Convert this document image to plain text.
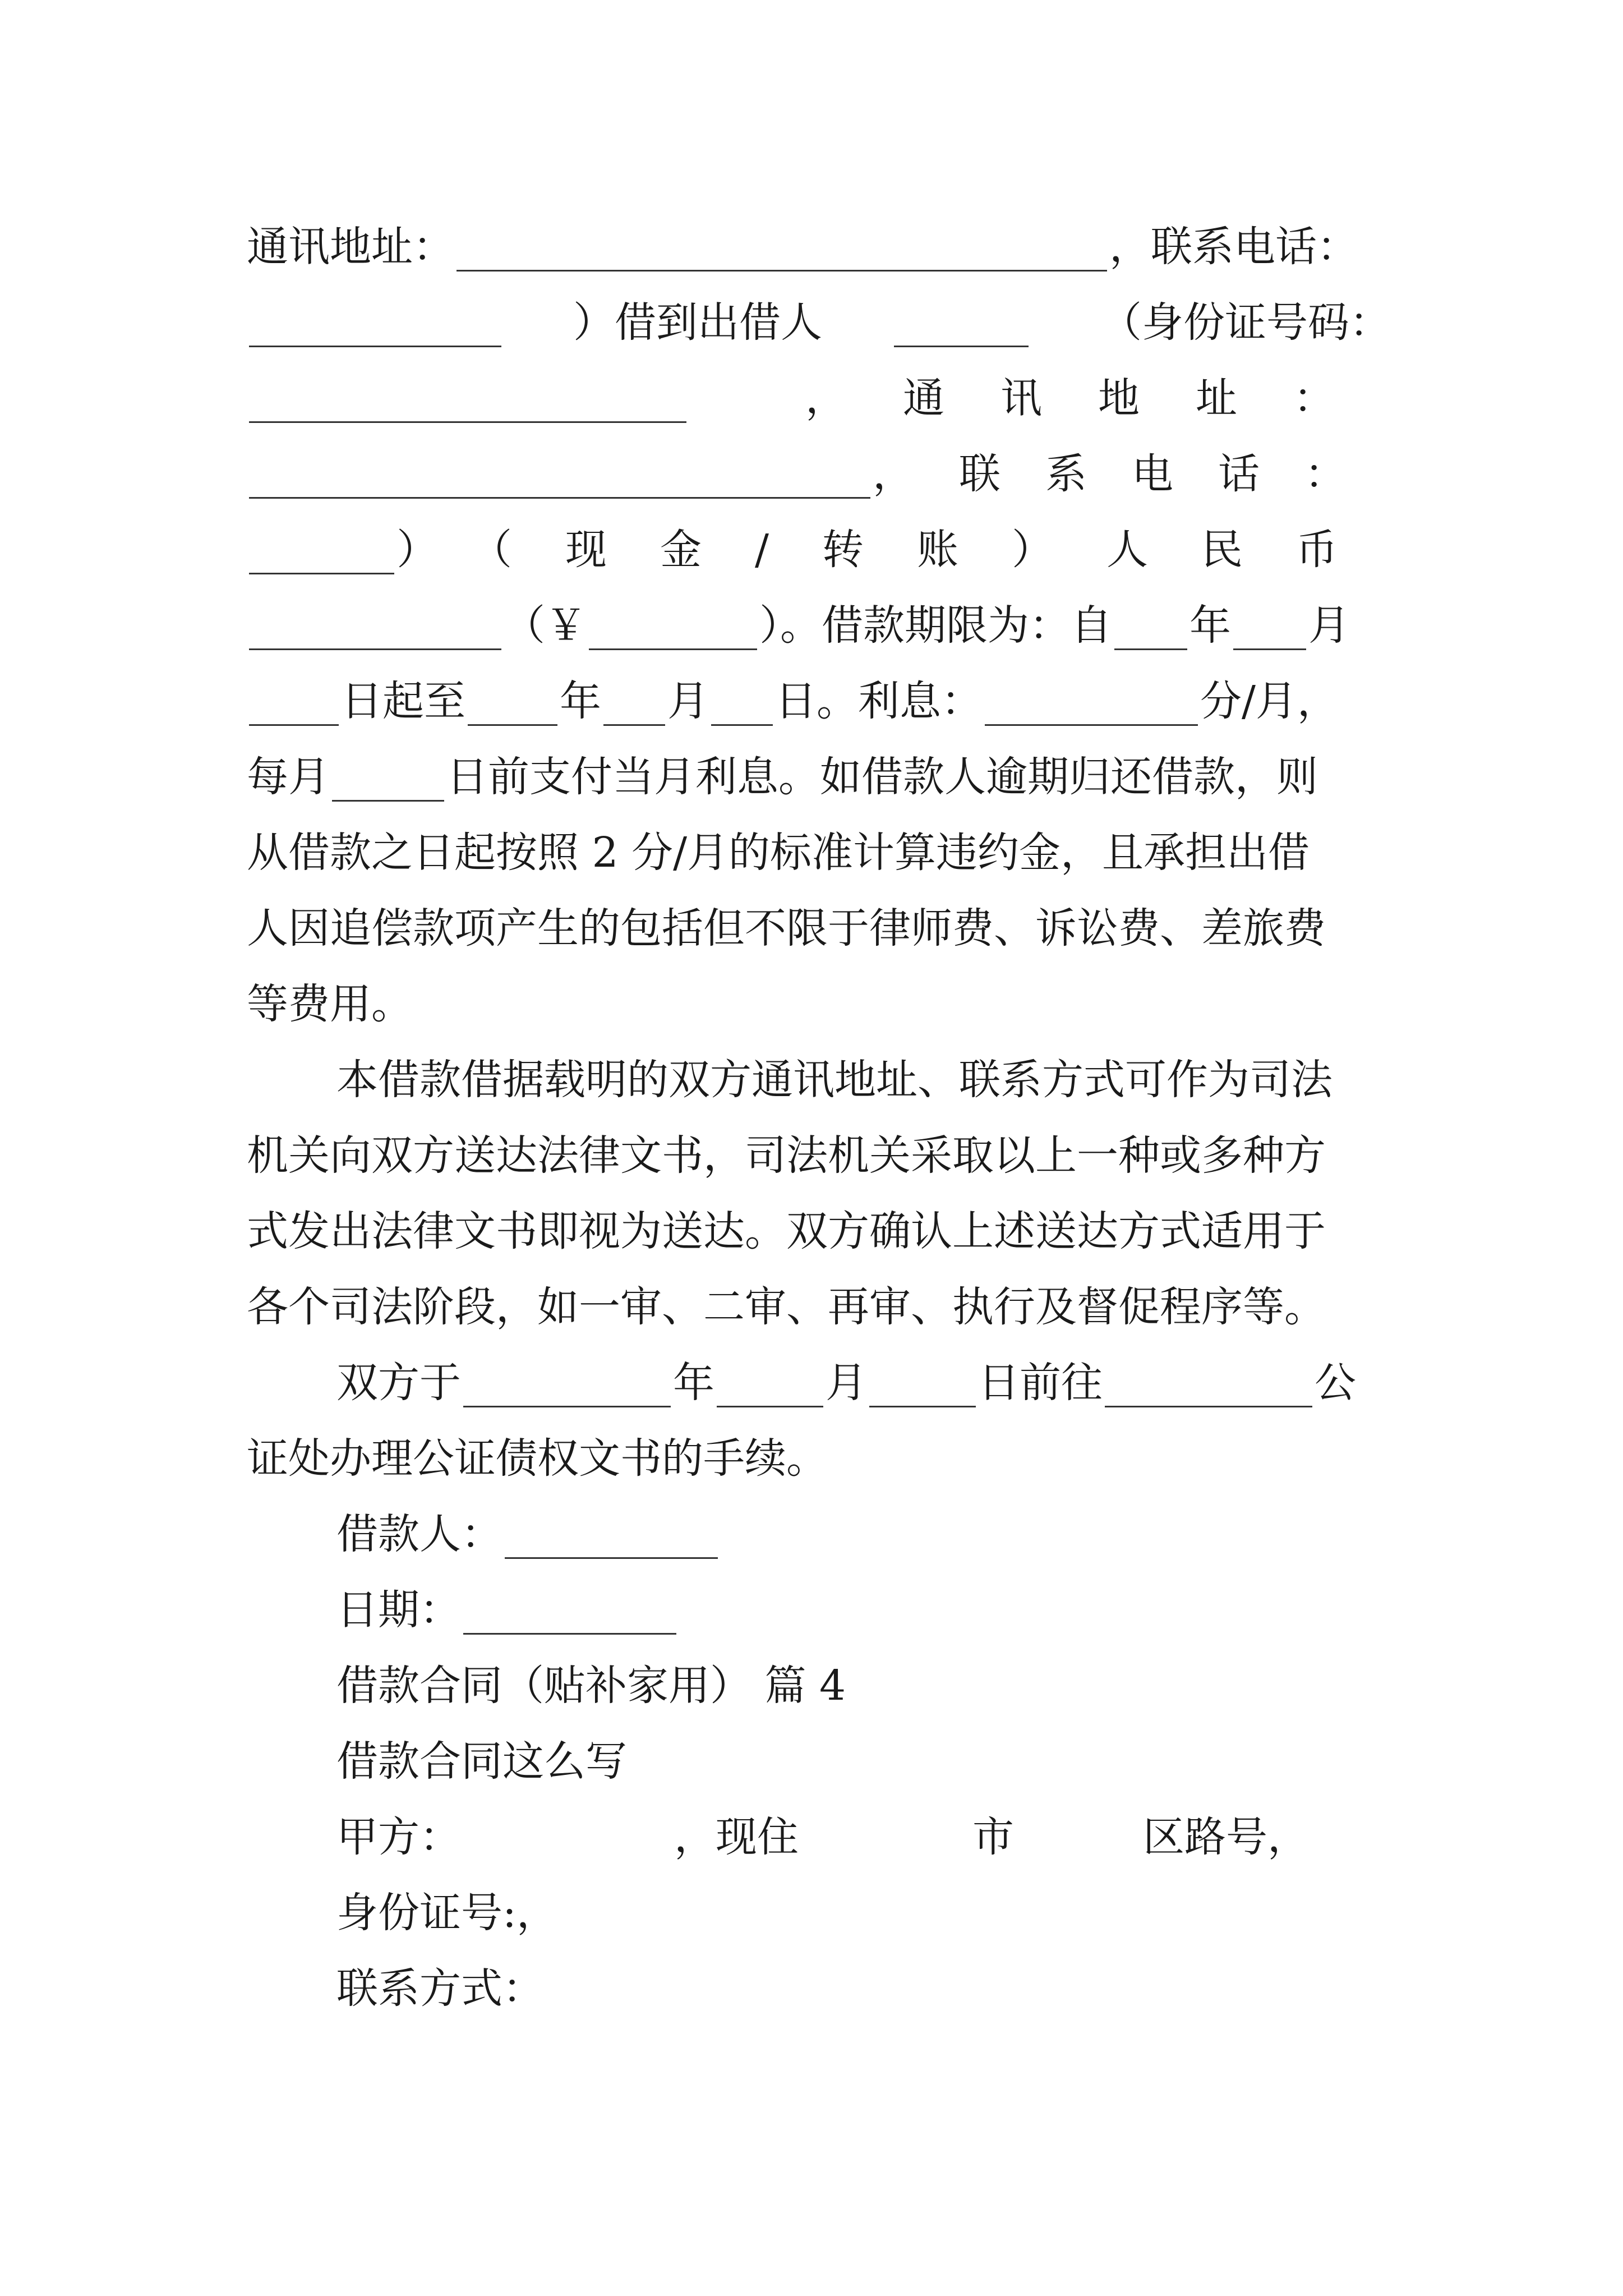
通讯地址：	，联系电话：
）借到出借人	（身份证号码：
，通讯地址：
，联系电话：
）（现金/转账）人民币
（￥	）。借款期限为：自 年 月
日起至 年 月 日。利息：	分/月，
每月	日前支付当月利息。如借款人逾期归还借款，则
从借款之日起按照 2 分/月的标准计算违约金，且承担出借
人因追偿款项产生的包括但不限于律师费、诉讼费、差旅费
等费用。
本借款借据载明的双方通讯地址、联系方式可作为司法
机关向双方送达法律文书，司法机关采取以上一种或多种方
式发出法律文书即视为送达。双方确认上述送达方式适用于
各个司法阶段，如一审、二审、再审、执行及督促程序等。
双方于	年	月	日前往	公
证处办理公证债权文书的手续。
借款人：
日期：
借款合同（贴补家用） 篇 4
借款合同这么写
甲方：	，现住	市	区路号，
身份证号:，
联系方式：
